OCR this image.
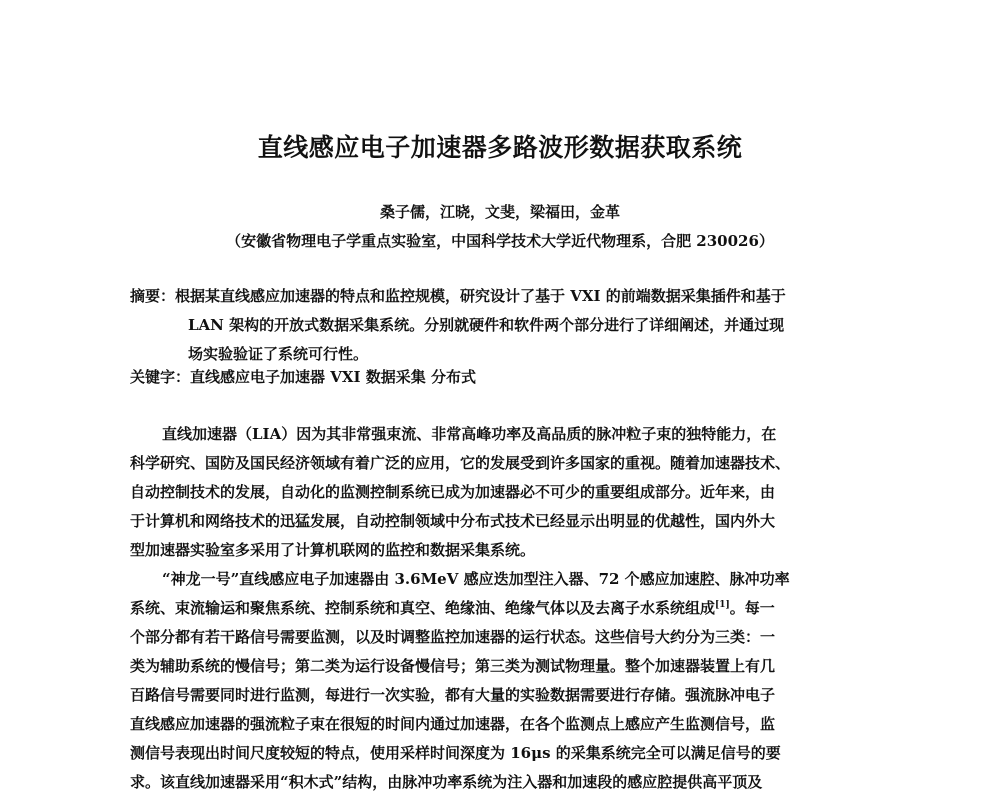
直线感应电子加速器多路波形数据获取系统
桑子儒，江晓，文斐，梁福田，金革
（安徽省物理电子学重点实验室，中国科学技术大学近代物理系，合肥 230026）
摘要：根据某直线感应加速器的特点和监控规模，研究设计了基于 VXI 的前端数据采集插件和基于
LAN 架构的开放式数据采集系统。分别就硬件和软件两个部分进行了详细阐述，并通过现
场实验验证了系统可行性。
关键字：直线感应电子加速器 VXI 数据采集 分布式
直线加速器（LIA）因为其非常强束流、非常高峰功率及高品质的脉冲粒子束的独特能力，在
科学研究、国防及国民经济领域有着广泛的应用，它的发展受到许多国家的重视。随着加速器技术、
自动控制技术的发展，自动化的监测控制系统已成为加速器必不可少的重要组成部分。近年来，由
于计算机和网络技术的迅猛发展，自动控制领域中分布式技术已经显示出明显的优越性，国内外大
型加速器实验室多采用了计算机联网的监控和数据采集系统。
“神龙一号”直线感应电子加速器由 3.6MeV 感应迭加型注入器、72 个感应加速腔、脉冲功率
系统、束流输运和聚焦系统、控制系统和真空、绝缘油、绝缘气体以及去离子水系统组成[1]。每一
个部分都有若干路信号需要监测，以及时调整监控加速器的运行状态。这些信号大约分为三类：一
类为辅助系统的慢信号；第二类为运行设备慢信号；第三类为测试物理量。整个加速器装置上有几
百路信号需要同时进行监测，每进行一次实验，都有大量的实验数据需要进行存储。强流脉冲电子
直线感应加速器的强流粒子束在很短的时间内通过加速器，在各个监测点上感应产生监测信号，监
测信号表现出时间尺度较短的特点，使用采样时间深度为 16μs 的采集系统完全可以满足信号的要
求。该直线加速器采用“积木式”结构，由脉冲功率系统为注入器和加速段的感应腔提供高平顶及
